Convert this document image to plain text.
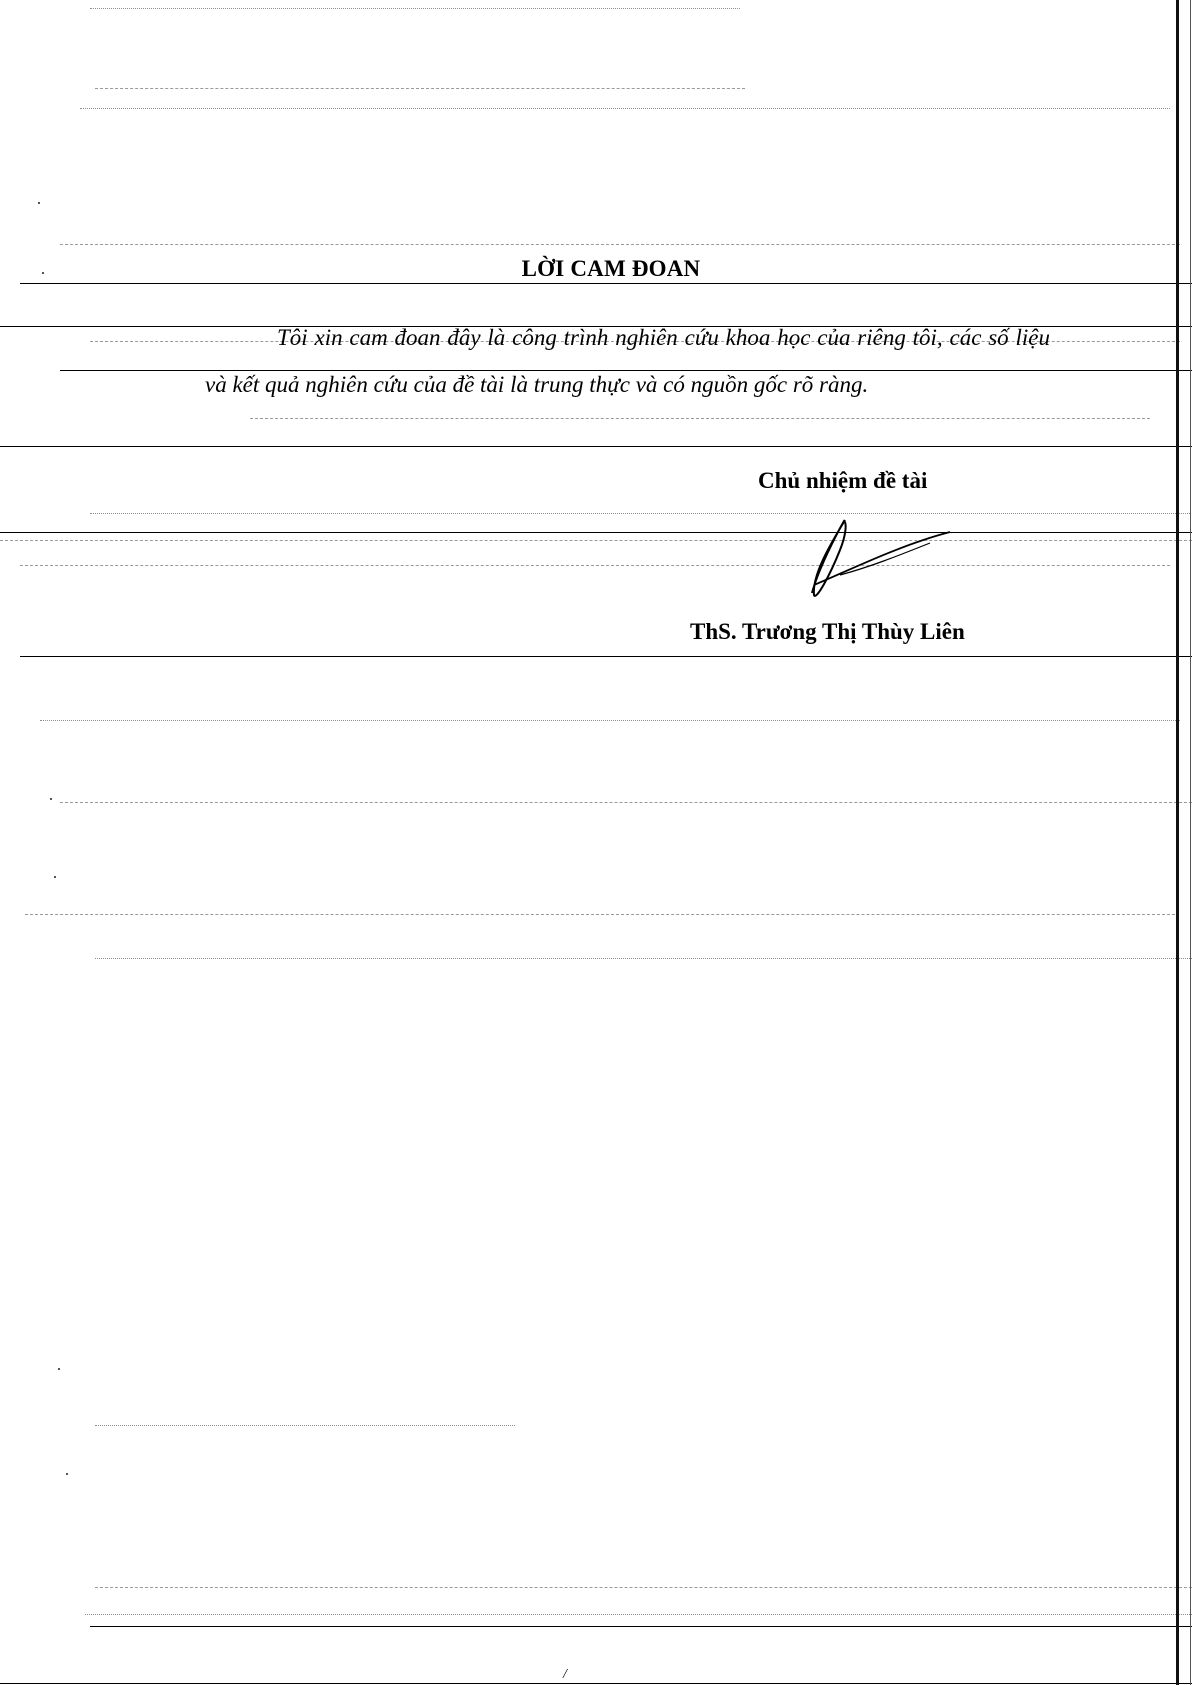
LỜI CAM ĐOAN
Tôi xin cam đoan đây là công trình nghiên cứu khoa học của riêng tôi, các số liệu và kết quả nghiên cứu của đề tài là trung thực và có nguồn gốc rõ ràng.
Chủ nhiệm đề tài
ThS. Trương Thị Thùy Liên
/
